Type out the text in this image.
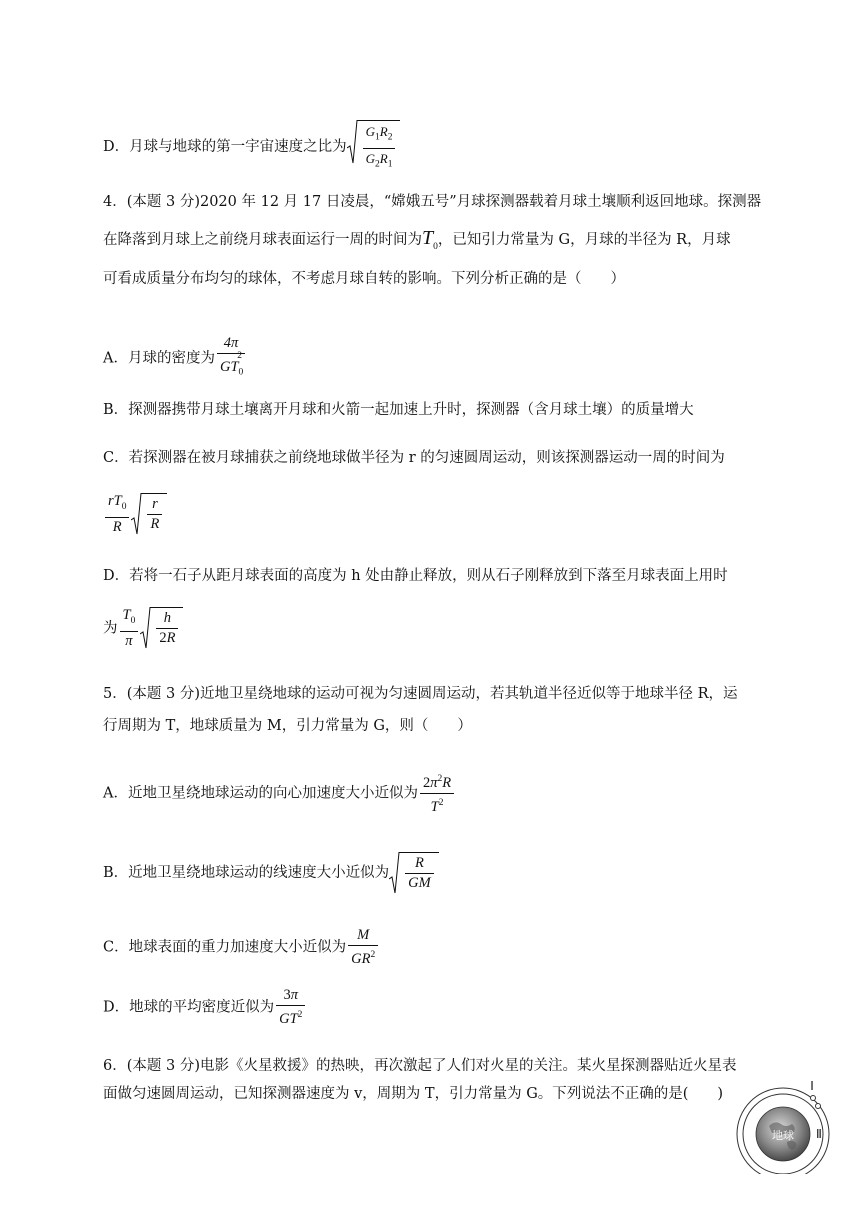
D．月球与地球的第一宇宙速度之比为 $\frac{G_1R_2}{G_2R_1}$
4．(本题 3 分)2020 年 12 月 17 日凌晨，“嫦娥五号”月球探测器载着月球土壤顺利返回地球。探测器
在降落到月球上之前绕月球表面运行一周的时间为$T_0$，已知引力常量为 G，月球的半径为 R，月球
可看成质量分布均匀的球体，不考虑月球自转的影响。下列分析正确的是（　　）
A．月球的密度为 $\frac{4\pi}{GT_0^2}$
B．探测器携带月球土壤离开月球和火箭一起加速上升时，探测器（含月球土壤）的质量增大
C．若探测器在被月球捕获之前绕地球做半径为 r 的匀速圆周运动，则该探测器运动一周的时间为
$\frac{rT_0}{R} \frac{r}{R}$
D．若将一石子从距月球表面的高度为 h 处由静止释放，则从石子刚释放到下落至月球表面上用时
为 $\frac{T_0}{\pi} \frac{h}{2R}$
5．(本题 3 分)近地卫星绕地球的运动可视为匀速圆周运动，若其轨道半径近似等于地球半径 R，运
行周期为 T，地球质量为 M，引力常量为 G，则（　　）
A．近地卫星绕地球运动的向心加速度大小近似为 $\frac{2\pi^2R}{T^2}$
B．近地卫星绕地球运动的线速度大小近似为 $\frac{R}{GM}$
C．地球表面的重力加速度大小近似为 $\frac{M}{GR^2}$
D．地球的平均密度近似为 $\frac{3\pi}{GT^2}$
6．(本题 3 分)电影《火星救援》的热映，再次激起了人们对火星的关注。某火星探测器贴近火星表
面做匀速圆周运动，已知探测器速度为 v，周期为 T，引力常量为 G。下列说法不正确的是(　　)
地球
Ⅰ
Ⅱ
